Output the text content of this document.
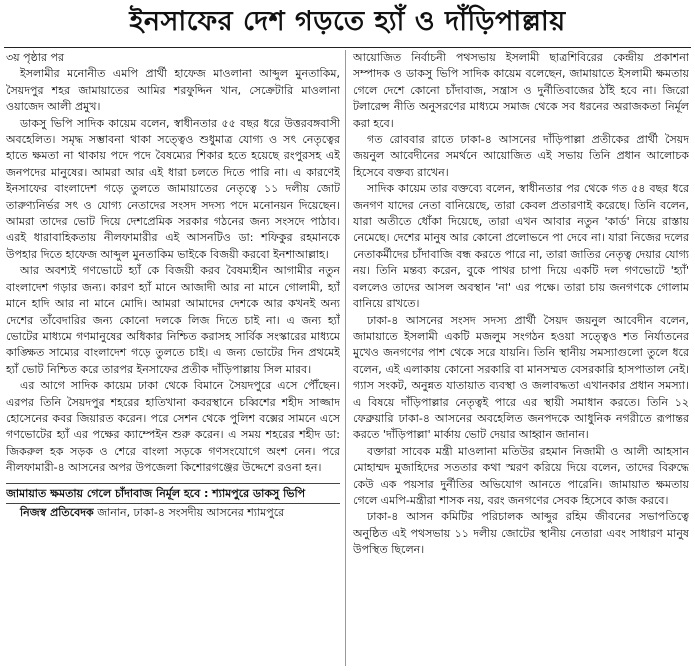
ইনসাফের দেশ গড়তে হ্যাঁ ও দাঁড়িপাল্লায়

৩য় পৃষ্ঠার পর

ইসলামীর মনোনীত এমপি প্রার্থী হাফেজ মাওলানা আব্দুল মুনতাকিম, সৈয়দপুর শহর জামায়াতের আমির শরফুদ্দিন খান, সেক্রেটারি মাওলানা ওয়াজেদ আলী প্রমুখ।

ডাকসু ভিপি সাদিক কায়েম বলেন, স্বাধীনতার ৫৫ বছর ধরে উত্তরবঙ্গবাসী অবহেলিত। সমৃদ্ধ সম্ভাবনা থাকা সত্ত্বেও শুধুমাত্র যোগ্য ও সৎ নেতৃত্বের হাতে ক্ষমতা না থাকায় পদে পদে বৈষম্যের শিকার হতে হয়েছে রংপুরসহ এই জনপদের মানুষের। আমরা আর এই ধারা চলতে দিতে পারি না। এ কারণেই ইনসাফের বাংলাদেশ গড়ে তুলতে জামায়াতের নেতৃত্বে ১১ দলীয় জোট তারুণ্যনির্ভর সৎ ও যোগ্য নেতাদের সংসদ সদস্য পদে মনোনয়ন দিয়েছেন। আমরা তাদের ভোট দিয়ে দেশপ্রেমিক সরকার গঠনের জন্য সংসদে পাঠাব। এরই ধারাবাহিকতায় নীলফামারীর এই আসনটিও ডা: শফিকুর রহমানকে উপহার দিতে হাফেজ আব্দুল মুনতাকিম ভাইকে বিজয়ী করবো ইনশাআল্লাহ।

আর অবশ্যই গণভোটে হ্যাঁ কে বিজয়ী করব বৈষম্যহীন আগামীর নতুন বাংলাদেশ গড়ার জন্য। কারণ হ্যাঁ মানে আজাদী আর না মানে গোলামী, হ্যাঁ মানে হাদি আর না মানে মোদি। আমরা আমাদের দেশকে আর কখনই অন্য দেশের তাঁবেদারির জন্য কোনো দলকে লিজ দিতে চাই না। এ জন্য হ্যাঁ ভোটের মাধ্যমে গণমানুষের অধিকার নিশ্চিত করাসহ সার্বিক সংস্কারের মাধ্যমে কাঙ্ক্ষিত সাম্যের বাংলাদেশ গড়ে তুলতে চাই। এ জন্য ভোটের দিন প্রথমেই হ্যাঁ ভোট নিশ্চিত করে তারপর ইনসাফের প্রতীক দাঁড়িপাল্লায় সিল মারব।

এর আগে সাদিক কায়েম ঢাকা থেকে বিমানে সৈয়দপুরে এসে পৌঁছেন। এরপর তিনি সৈয়দপুর শহরের হাতিখানা কবরস্থানে চব্বিশের শহীদ সাজ্জাদ হোসেনের কবর জিয়ারত করেন। পরে সেশন থেকে পুলিশ বক্সের সামনে এসে গণভোটের হ্যাঁ এর পক্ষের ক্যাম্পেইন শুরু করেন। এ সময় শহরের শহীদ ডা: জিকরুল হক সড়ক ও শেরে বাংলা সড়কে গণসংযোগে অংশ নেন। পরে নীলফামারী-৪ আসনের অপর উপজেলা কিশোরগঞ্জের উদ্দেশে রওনা হন।

জামায়াত ক্ষমতায় গেলে চাঁদাবাজ নির্মূল হবে : শ্যামপুরে ডাকসু ভিপি

নিজস্ব প্রতিবেদক জানান, ঢাকা-৪ সংসদীয় আসনের শ্যামপুরে

আয়োজিত নির্বাচনী পথসভায় ইসলামী ছাত্রশিবিরের কেন্দ্রীয় প্রকাশনা সম্পাদক ও ডাকসু ভিপি সাদিক কায়েম বলেছেন, জামায়াতে ইসলামী ক্ষমতায় গেলে দেশে কোনো চাঁদাবাজ, সন্ত্রাস ও দুর্নীতিবাজের ঠাঁই হবে না। জিরো টলারেন্স নীতি অনুসরণের মাধ্যমে সমাজ থেকে সব ধরনের অরাজকতা নির্মূল করা হবে।

গত রোববার রাতে ঢাকা-৪ আসনের দাঁড়িপাল্লা প্রতীকের প্রার্থী সৈয়দ জয়নুল আবেদীনের সমর্থনে আয়োজিত এই সভায় তিনি প্রধান আলোচক হিসেবে বক্তব্য রাখেন।

সাদিক কায়েম তার বক্তব্যে বলেন, স্বাধীনতার পর থেকে গত ৫৪ বছর ধরে জনগণ যাদের নেতা বানিয়েছে, তারা কেবল প্রতারণাই করেছে। তিনি বলেন, যারা অতীতে ধোঁকা দিয়েছে, তারা এখন আবার নতুন 'কার্ড' নিয়ে রাস্তায় নেমেছে। দেশের মানুষ আর কোনো প্রলোভনে পা দেবে না। যারা নিজের দলের নেতাকর্মীদের চাঁদাবাজি বন্ধ করতে পারে না, তারা জাতির নেতৃত্ব দেয়ার যোগ্য নয়। তিনি মন্তব্য করেন, বুকে পাথর চাপা দিয়ে একটি দল গণভোটে 'হ্যাঁ' বললেও তাদের আসল অবস্থান 'না' এর পক্ষে। তারা চায় জনগণকে গোলাম বানিয়ে রাখতে।

ঢাকা-৪ আসনের সংসদ সদস্য প্রার্থী সৈয়দ জয়নুল আবেদীন বলেন, জামায়াতে ইসলামী একটি মজলুম সংগঠন হওয়া সত্ত্বেও শত নির্যাতনের মুখেও জনগণের পাশ থেকে সরে যায়নি। তিনি স্থানীয় সমস্যাগুলো তুলে ধরে বলেন, এই এলাকায় কোনো সরকারি বা মানসম্মত বেসরকারি হাসপাতাল নেই। গ্যাস সংকট, অনুন্নত যাতায়াত ব্যবস্থা ও জলাবদ্ধতা এখানকার প্রধান সমস্যা। এ বিষয়ে দাঁড়িপাল্লার নেতৃত্বই পারে এর স্থায়ী সমাধান করতে। তিনি ১২ ফেব্রুয়ারি ঢাকা-৪ আসনের অবহেলিত জনপদকে আধুনিক নগরীতে রূপান্তর করতে 'দাঁড়িপাল্লা' মার্কায় ভোট দেয়ার আহ্বান জানান।

বক্তারা সাবেক মন্ত্রী মাওলানা মতিউর রহমান নিজামী ও আলী আহসান মোহাম্মদ মুজাহিদের সততার কথা স্মরণ করিয়ে দিয়ে বলেন, তাদের বিরুদ্ধে কেউ এক পয়সার দুর্নীতির অভিযোগ আনতে পারেনি। জামায়াত ক্ষমতায় গেলে এমপি-মন্ত্রীরা শাসক নয়, বরং জনগণের সেবক হিসেবে কাজ করবে।

ঢাকা-৪ আসন কমিটির পরিচালক আব্দুর রহিম জীবনের সভাপতিত্বে অনুষ্ঠিত এই পথসভায় ১১ দলীয় জোটের স্থানীয় নেতারা এবং সাধারণ মানুষ উপস্থিত ছিলেন।
